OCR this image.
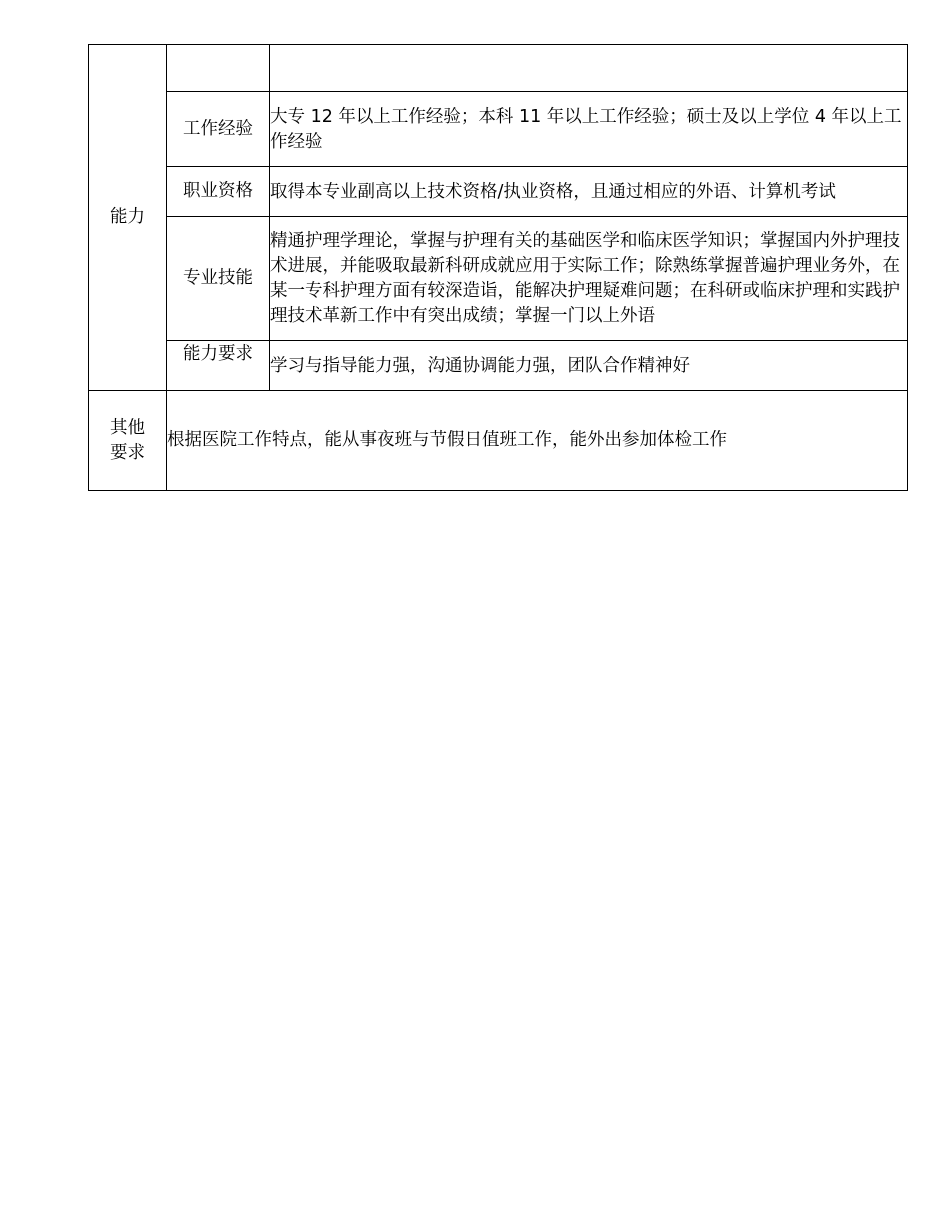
能力		

	工作经验	大专 12 年以上工作经验；本科 11 年以上工作经验；硕士及以上学位 4 年以上工作经验

	职业资格	取得本专业副高以上技术资格/执业资格，且通过相应的外语、计算机考试

	专业技能	精通护理学理论，掌握与护理有关的基础医学和临床医学知识；掌握国内外护理技术进展，并能吸取最新科研成就应用于实际工作；除熟练掌握普遍护理业务外，在某一专科护理方面有较深造诣，能解决护理疑难问题；在科研或临床护理和实践护理技术革新工作中有突出成绩；掌握一门以上外语

	能力要求	学习与指导能力强，沟通协调能力强，团队合作精神好

其他
要求	根据医院工作特点，能从事夜班与节假日值班工作，能外出参加体检工作	
